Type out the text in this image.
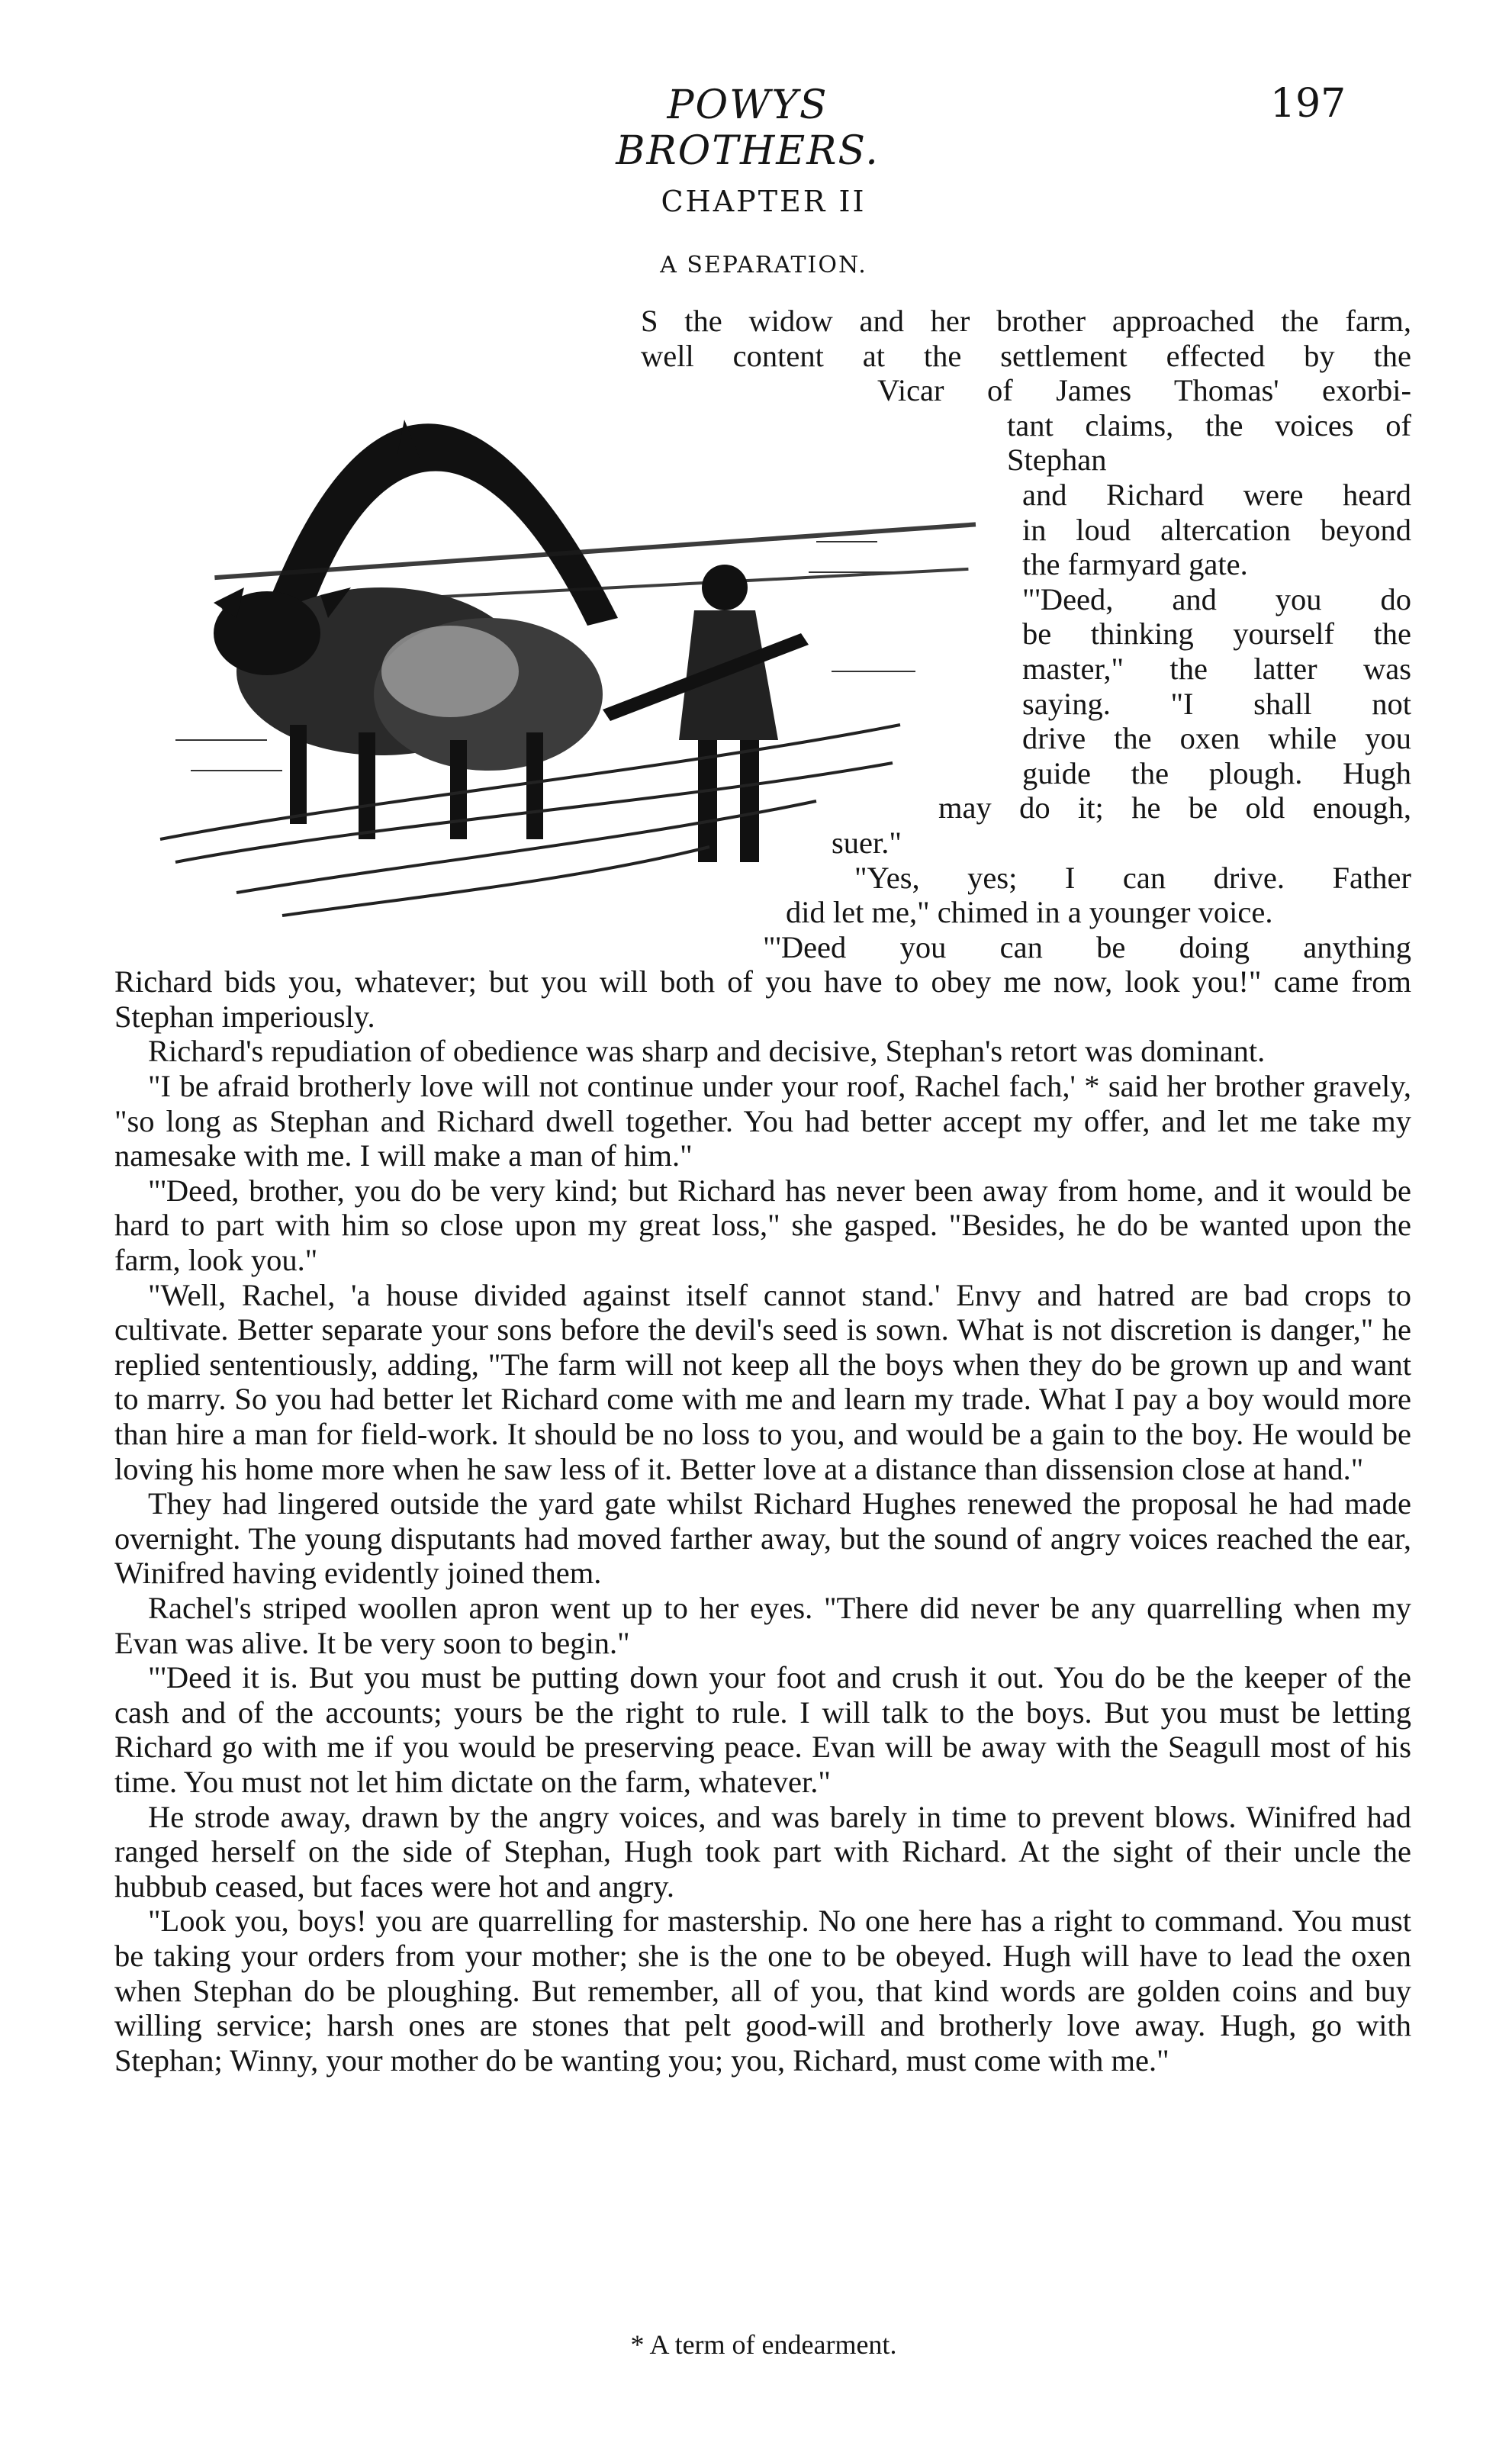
POWYS BROTHERS.
197
CHAPTER II
A SEPARATION.
S the widow and her brother approached the farm,
well content at the settlement effected by the
Vicar of James Thomas' exorbi-
tant claims, the voices of Stephan
and Richard were heard
in loud altercation beyond
the farmyard gate.
"'Deed, and you do
be thinking yourself the
master," the latter was
saying. "I shall not
drive the oxen while you
guide the plough. Hugh
may do it; he be old enough,
suer."
"Yes, yes; I can drive. Father
did let me," chimed in a younger voice.
"'Deed you can be doing anything

Richard bids you, whatever; but you will both of you have to obey me now, look you!" came from Stephan imperiously.

Richard's repudiation of obedience was sharp and decisive, Stephan's retort was dominant.

"I be afraid brotherly love will not continue under your roof, Rachel fach,' * said her brother gravely, "so long as Stephan and Richard dwell together. You had better accept my offer, and let me take my namesake with me. I will make a man of him."

"'Deed, brother, you do be very kind; but Richard has never been away from home, and it would be hard to part with him so close upon my great loss," she gasped. "Besides, he do be wanted upon the farm, look you."

"Well, Rachel, 'a house divided against itself cannot stand.' Envy and hatred are bad crops to cultivate. Better separate your sons before the devil's seed is sown. What is not discretion is danger," he replied sententiously, adding, "The farm will not keep all the boys when they do be grown up and want to marry. So you had better let Richard come with me and learn my trade. What I pay a boy would more than hire a man for field-work. It should be no loss to you, and would be a gain to the boy. He would be loving his home more when he saw less of it. Better love at a distance than dissension close at hand."

They had lingered outside the yard gate whilst Richard Hughes renewed the proposal he had made overnight. The young disputants had moved farther away, but the sound of angry voices reached the ear, Winifred having evidently joined them.

Rachel's striped woollen apron went up to her eyes. "There did never be any quarrelling when my Evan was alive. It be very soon to begin."

"'Deed it is. But you must be putting down your foot and crush it out. You do be the keeper of the cash and of the accounts; yours be the right to rule. I will talk to the boys. But you must be letting Richard go with me if you would be preserving peace. Evan will be away with the Seagull most of his time. You must not let him dictate on the farm, whatever."

He strode away, drawn by the angry voices, and was barely in time to prevent blows. Winifred had ranged herself on the side of Stephan, Hugh took part with Richard. At the sight of their uncle the hubbub ceased, but faces were hot and angry.

"Look you, boys! you are quarrelling for mastership. No one here has a right to command. You must be taking your orders from your mother; she is the one to be obeyed. Hugh will have to lead the oxen when Stephan do be ploughing. But remember, all of you, that kind words are golden coins and buy willing service; harsh ones are stones that pelt good-will and brotherly love away. Hugh, go with Stephan; Winny, your mother do be wanting you; you, Richard, must come with me."

* A term of endearment.
